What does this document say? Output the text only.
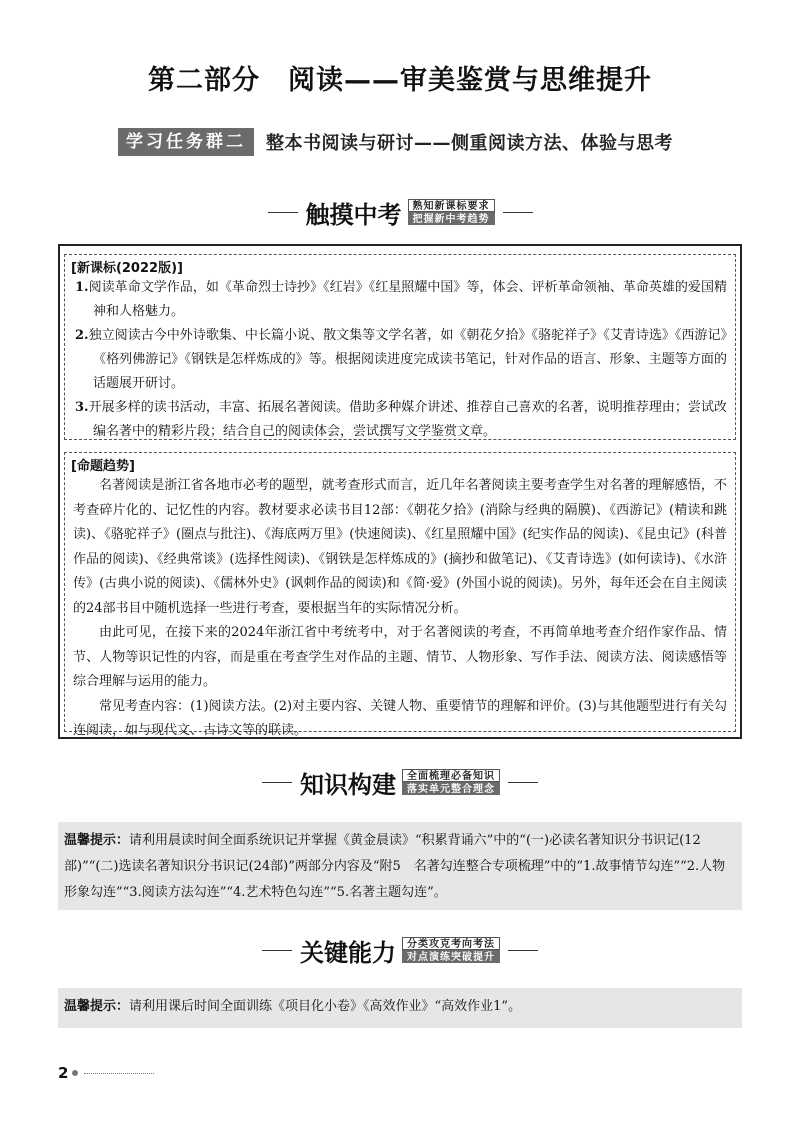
第二部分　阅读——审美鉴赏与思维提升
学习任务群二	整本书阅读与研讨——侧重阅读方法、体验与思考
触摸中考	熟知新课标要求
把握新中考趋势
[新课标(2022版)]
1.阅读革命文学作品，如《革命烈士诗抄》《红岩》《红星照耀中国》等，体会、评析革命领袖、革命英雄的爱国精神和人格魅力。
2.独立阅读古今中外诗歌集、中长篇小说、散文集等文学名著，如《朝花夕拾》《骆驼祥子》《艾青诗选》《西游记》《格列佛游记》《钢铁是怎样炼成的》等。根据阅读进度完成读书笔记，针对作品的语言、形象、主题等方面的话题展开研讨。
3.开展多样的读书活动，丰富、拓展名著阅读。借助多种媒介讲述、推荐自己喜欢的名著，说明推荐理由；尝试改编名著中的精彩片段；结合自己的阅读体会，尝试撰写文学鉴赏文章。
[命题趋势]
名著阅读是浙江省各地市必考的题型，就考查形式而言，近几年名著阅读主要考查学生对名著的理解感悟，不考查碎片化的、记忆性的内容。教材要求必读书目12部：《朝花夕拾》(消除与经典的隔膜)、《西游记》(精读和跳读)、《骆驼祥子》(圈点与批注)、《海底两万里》(快速阅读)、《红星照耀中国》(纪实作品的阅读)、《昆虫记》(科普作品的阅读)、《经典常谈》(选择性阅读)、《钢铁是怎样炼成的》(摘抄和做笔记)、《艾青诗选》(如何读诗)、《水浒传》(古典小说的阅读)、《儒林外史》(讽刺作品的阅读)和《简·爱》(外国小说的阅读)。另外，每年还会在自主阅读的24部书目中随机选择一些进行考查，要根据当年的实际情况分析。
由此可见，在接下来的2024年浙江省中考统考中，对于名著阅读的考查，不再简单地考查介绍作家作品、情节、人物等识记性的内容，而是重在考查学生对作品的主题、情节、人物形象、写作手法、阅读方法、阅读感悟等综合理解与运用的能力。
常见考查内容：(1)阅读方法。(2)对主要内容、关键人物、重要情节的理解和评价。(3)与其他题型进行有关勾连阅读，如与现代文、古诗文等的联读。
知识构建	全面梳理必备知识
落实单元整合理念
温馨提示：请利用晨读时间全面系统识记并掌握《黄金晨读》“积累背诵六”中的“(一)必读名著知识分书识记(12部)”“(二)选读名著知识分书识记(24部)”两部分内容及“附5　名著勾连整合专项梳理”中的“1.故事情节勾连”“2.人物形象勾连”“3.阅读方法勾连”“4.艺术特色勾连”“5.名著主题勾连”。
关键能力	分类攻克考向考法
对点演练突破提升
温馨提示：请利用课后时间全面训练《项目化小卷》《高效作业》“高效作业1”。
2
